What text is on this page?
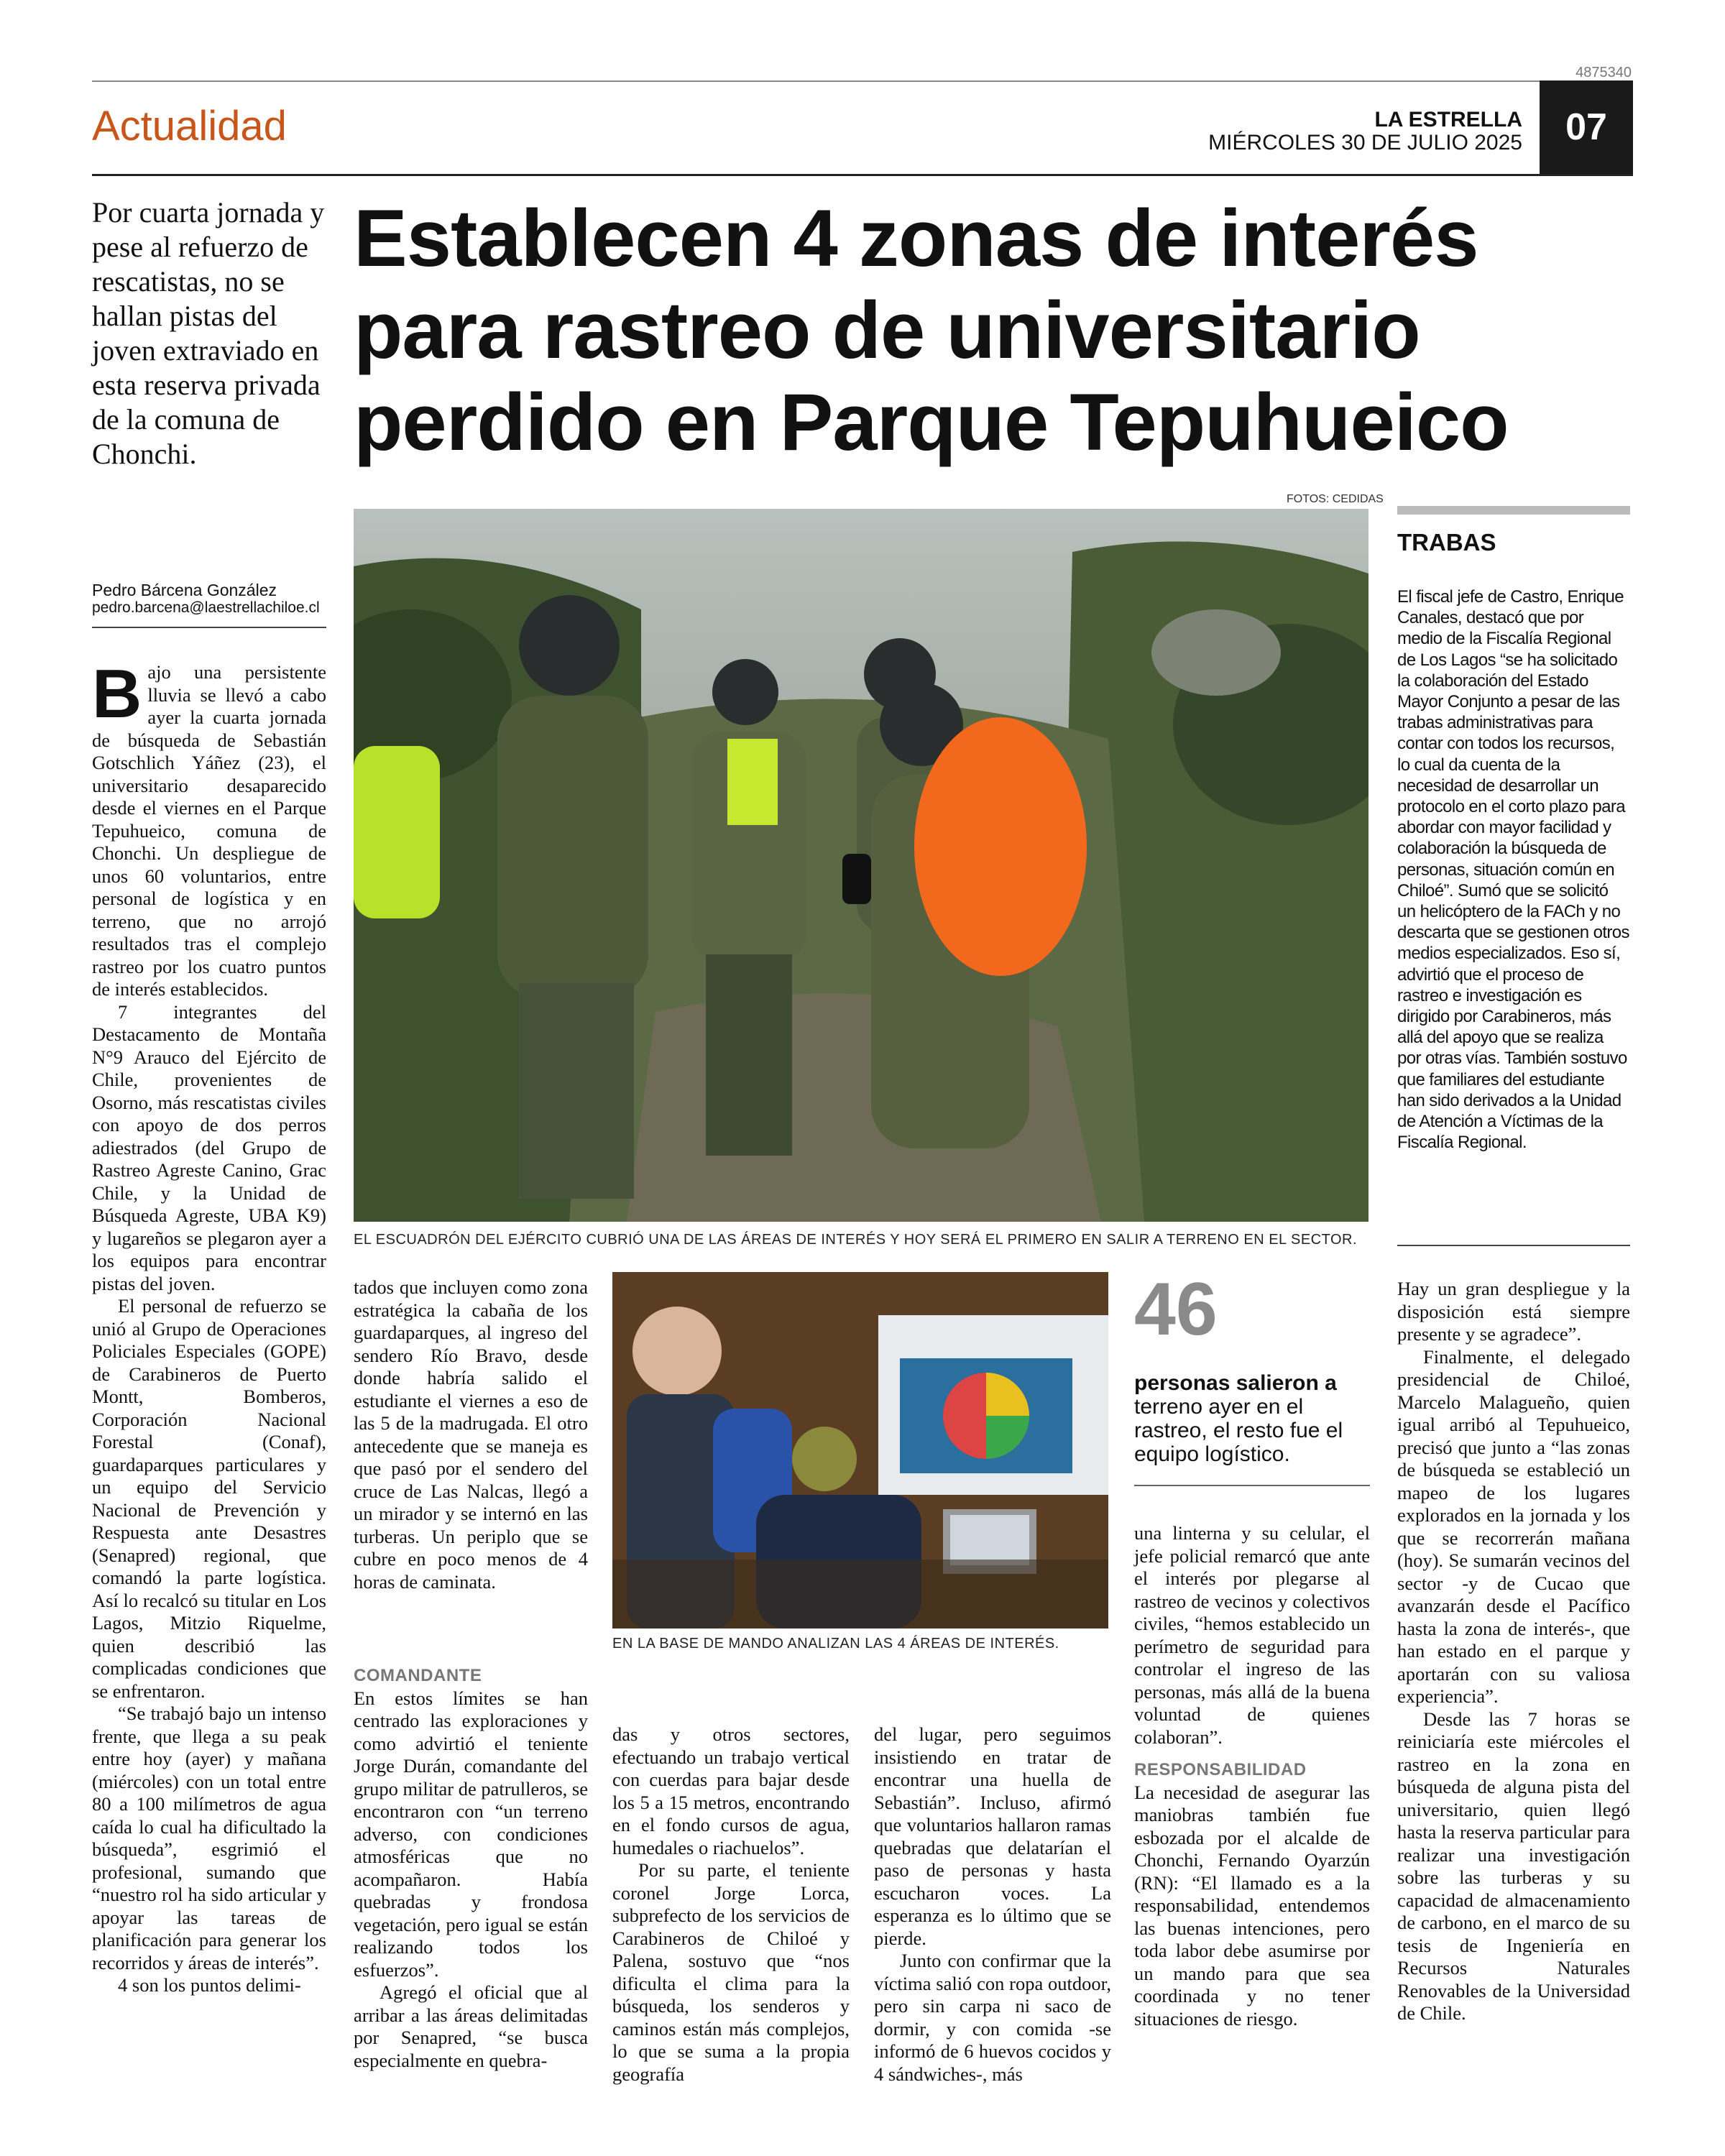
4875340
Actualidad	LA ESTRELLA
MIÉRCOLES 30 DE JULIO 2025	07
Por cuarta jornada y pese al refuerzo de rescatistas, no se hallan pistas del joven extraviado en esta reserva privada de la comuna de Chonchi.
Establecen 4 zonas de interés para rastreo de universitario perdido en Parque Tepuhueico
Pedro Bárcena González
pedro.barcena@laestrellachiloe.cl

Bajo una persistente lluvia se llevó a cabo ayer la cuarta jornada de búsqueda de Sebastián Gotschlich Yáñez (23), el universitario desaparecido desde el viernes en el Parque Tepuhueico, comuna de Chonchi. Un despliegue de unos 60 voluntarios, entre personal de logística y en terreno, que no arrojó resultados tras el complejo rastreo por los cuatro puntos de interés establecidos.

7 integrantes del Destacamento de Montaña N°9 Arauco del Ejército de Chile, provenientes de Osorno, más rescatistas civiles con apoyo de dos perros adiestrados (del Grupo de Rastreo Agreste Canino, Grac Chile, y la Unidad de Búsqueda Agreste, UBA K9) y lugareños se plegaron ayer a los equipos para encontrar pistas del joven.

El personal de refuerzo se unió al Grupo de Operaciones Policiales Especiales (GOPE) de Carabineros de Puerto Montt, Bomberos, Corporación Nacional Forestal (Conaf), guardaparques particulares y un equipo del Servicio Nacional de Prevención y Respuesta ante Desastres (Senapred) regional, que comandó la parte logística. Así lo recalcó su titular en Los Lagos, Mitzio Riquelme, quien describió las complicadas condiciones que se enfrentaron.

“Se trabajó bajo un intenso frente, que llega a su peak entre hoy (ayer) y mañana (miércoles) con un total entre 80 a 100 milímetros de agua caída lo cual ha dificultado la búsqueda”, esgrimió el profesional, sumando que “nuestro rol ha sido articular y apoyar las tareas de planificación para generar los recorridos y áreas de interés”.

4 son los puntos delimi-

FOTOS: CEDIDAS
EL ESCUADRÓN DEL EJÉRCITO CUBRIÓ UNA DE LAS ÁREAS DE INTERÉS Y HOY SERÁ EL PRIMERO EN SALIR A TERRENO EN EL SECTOR.
TRABAS
El fiscal jefe de Castro, Enrique Canales, destacó que por medio de la Fiscalía Regional de Los Lagos “se ha solicitado la colaboración del Estado Mayor Conjunto a pesar de las trabas administrativas para contar con todos los recursos, lo cual da cuenta de la necesidad de desarrollar un protocolo en el corto plazo para abordar con mayor facilidad y colaboración la búsqueda de personas, situación común en Chiloé”. Sumó que se solicitó un helicóptero de la FACh y no descarta que se gestionen otros medios especializados. Eso sí, advirtió que el proceso de rastreo e investigación es dirigido por Carabineros, más allá del apoyo que se realiza por otras vías. También sostuvo que familiares del estudiante han sido derivados a la Unidad de Atención a Víctimas de la Fiscalía Regional.

tados que incluyen como zona estratégica la cabaña de los guardaparques, al ingreso del sendero Río Bravo, desde donde habría salido el estudiante el viernes a eso de las 5 de la madrugada. El otro antecedente que se maneja es que pasó por el sendero del cruce de Las Nalcas, llegó a un mirador y se internó en las turberas. Un periplo que se cubre en poco menos de 4 horas de caminata.

EN LA BASE DE MANDO ANALIZAN LAS 4 ÁREAS DE INTERÉS.
46
personas salieron a
terreno ayer en el rastreo, el resto fue el equipo logístico.
COMANDANTE

En estos límites se han centrado las exploraciones y como advirtió el teniente Jorge Durán, comandante del grupo militar de patrulleros, se encontraron con “un terreno adverso, con condiciones atmosféricas que no acompañaron. Había quebradas y frondosa vegetación, pero igual se están realizando todos los esfuerzos”.

Agregó el oficial que al arribar a las áreas delimitadas por Senapred, “se busca especialmente en quebra-

das y otros sectores, efectuando un trabajo vertical con cuerdas para bajar desde los 5 a 15 metros, encontrando en el fondo cursos de agua, humedales o riachuelos”.

Por su parte, el teniente coronel Jorge Lorca, subprefecto de los servicios de Carabineros de Chiloé y Palena, sostuvo que “nos dificulta el clima para la búsqueda, los senderos y caminos están más complejos, lo que se suma a la propia geografía

del lugar, pero seguimos insistiendo en tratar de encontrar una huella de Sebastián”. Incluso, afirmó que voluntarios hallaron ramas quebradas que delatarían el paso de personas y hasta escucharon voces. La esperanza es lo último que se pierde.

Junto con confirmar que la víctima salió con ropa outdoor, pero sin carpa ni saco de dormir, y con comida -se informó de 6 huevos cocidos y 4 sándwiches-, más

una linterna y su celular, el jefe policial remarcó que ante el interés por plegarse al rastreo de vecinos y colectivos civiles, “hemos establecido un perímetro de seguridad para controlar el ingreso de las personas, más allá de la buena voluntad de quienes colaboran”.

RESPONSABILIDAD

La necesidad de asegurar las maniobras también fue esbozada por el alcalde de Chonchi, Fernando Oyarzún (RN): “El llamado es a la responsabilidad, entendemos las buenas intenciones, pero toda labor debe asumirse por un mando para que sea coordinada y no tener situaciones de riesgo.

Hay un gran despliegue y la disposición está siempre presente y se agradece”.

Finalmente, el delegado presidencial de Chiloé, Marcelo Malagueño, quien igual arribó al Tepuhueico, precisó que junto a “las zonas de búsqueda se estableció un mapeo de los lugares explorados en la jornada y los que se recorrerán mañana (hoy). Se sumarán vecinos del sector -y de Cucao que avanzarán desde el Pacífico hasta la zona de interés-, que han estado en el parque y aportarán con su valiosa experiencia”.

Desde las 7 horas se reiniciaría este miércoles el rastreo en la zona en búsqueda de alguna pista del universitario, quien llegó hasta la reserva particular para realizar una investigación sobre las turberas y su capacidad de almacenamiento de carbono, en el marco de su tesis de Ingeniería en Recursos Naturales Renovables de la Universidad de Chile.
